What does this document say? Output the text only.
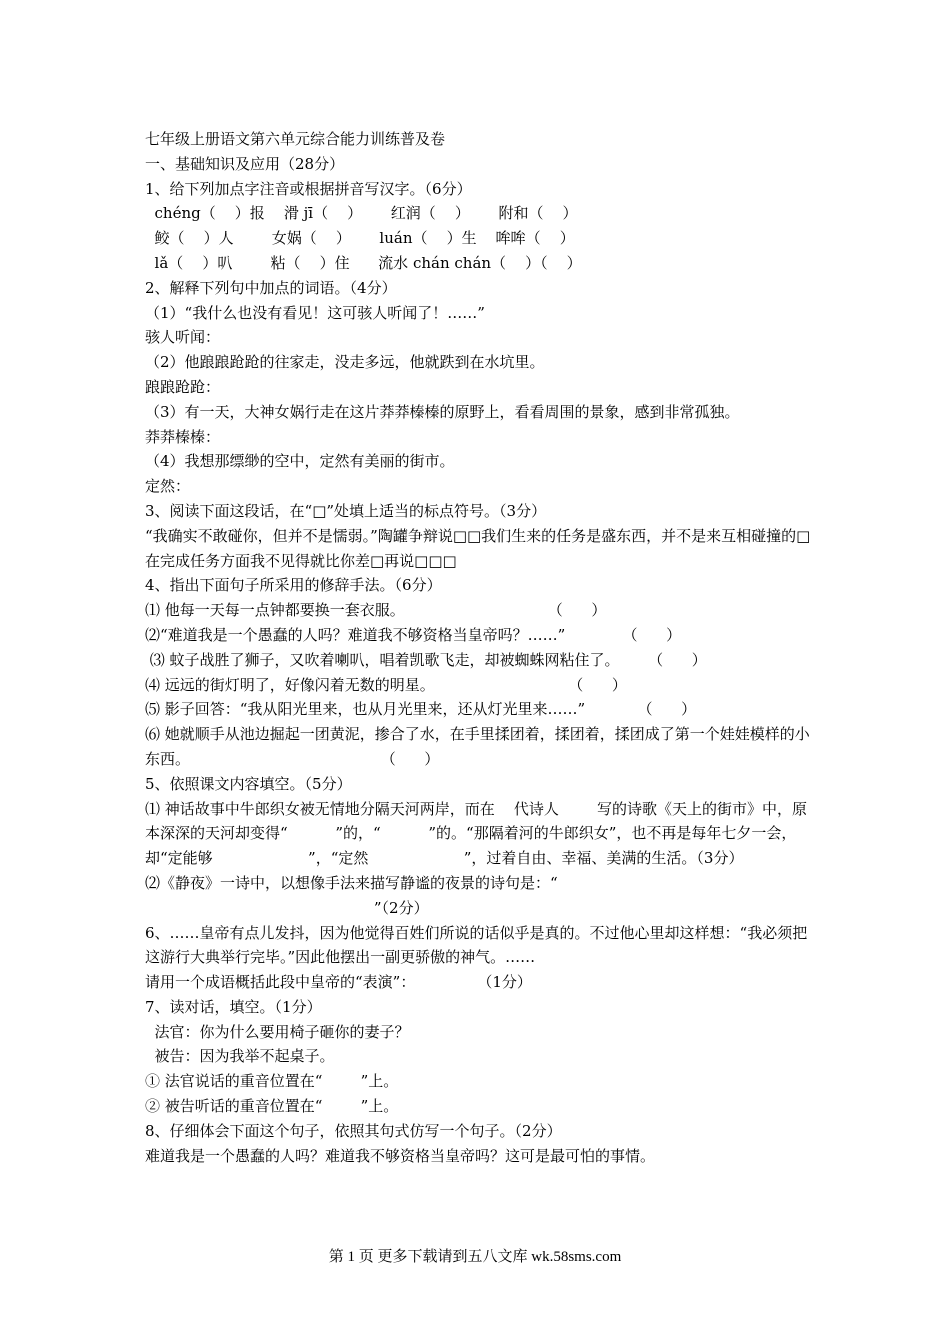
七年级上册语文第六单元综合能力训练普及卷
一、基础知识及应用（28分）
1、给下列加点字注音或根据拼音写汉字。（6分）
chéng（    ）报    滑 jī（    ）      红润（    ）      附和（    ）
鲛（    ）人        女娲（    ）      luán（    ）生    哞哞（    ）
lǎ（    ）叭        粘（    ）住      流水 chán chán（    ）（    ）
2、解释下列句中加点的词语。（4分）
（1）“我什么也没有看见！这可骇人听闻了！……”
骇人听闻：
（2）他踉踉跄跄的往家走，没走多远，他就跌到在水坑里。
踉踉跄跄：
（3）有一天，大神女娲行走在这片莽莽榛榛的原野上，看看周围的景象，感到非常孤独。
莽莽榛榛：
（4）我想那缥缈的空中，定然有美丽的街市。
定然：
3、阅读下面这段话，在“□”处填上适当的标点符号。（3分）
“我确实不敢碰你，但并不是懦弱。”陶罐争辩说□□我们生来的任务是盛东西，并不是来互相碰撞的□在完成任务方面我不见得就比你差□再说□□□
4、指出下面句子所采用的修辞手法。（6分）
⑴ 他每一天每一点钟都要换一套衣服。                              （      ）
⑵“难道我是一个愚蠢的人吗？难道我不够资格当皇帝吗？……”            （      ）
⑶ 蚊子战胜了狮子，又吹着喇叭，唱着凯歌飞走，却被蜘蛛网粘住了。      （      ）
⑷ 远远的街灯明了，好像闪着无数的明星。                            （      ）
⑸ 影子回答：“我从阳光里来，也从月光里来，还从灯光里来……”           （      ）
⑹ 她就顺手从池边掘起一团黄泥，掺合了水，在手里揉团着，揉团着，揉团成了第一个娃娃模样的小东西。                                        （      ）
5、依照课文内容填空。（5分）
⑴ 神话故事中牛郎织女被无情地分隔天河两岸，而在    代诗人        写的诗歌《天上的街市》中，原本深深的天河却变得“          ”的，“          ”的。“那隔着河的牛郎织女”，也不再是每年七夕一会，却“定能够                    ”，“定然                    ”，过着自由、幸福、美满的生活。（3分）
⑵《静夜》一诗中，以想像手法来描写静谧的夜景的诗句是：“
”（2分）
6、……皇帝有点儿发抖，因为他觉得百姓们所说的话似乎是真的。不过他心里却这样想：“我必须把这游行大典举行完毕。”因此他摆出一副更骄傲的神气。……
请用一个成语概括此段中皇帝的“表演”：             （1分）
7、读对话，填空。（1分）
法官：你为什么要用椅子砸你的妻子？
被告：因为我举不起桌子。
① 法官说话的重音位置在“        ”上。
② 被告听话的重音位置在“        ”上。
8、仔细体会下面这个句子，依照其句式仿写一个句子。（2分）
难道我是一个愚蠢的人吗？难道我不够资格当皇帝吗？这可是最可怕的事情。
第 1 页 更多下载请到五八文库 wk.58sms.com
